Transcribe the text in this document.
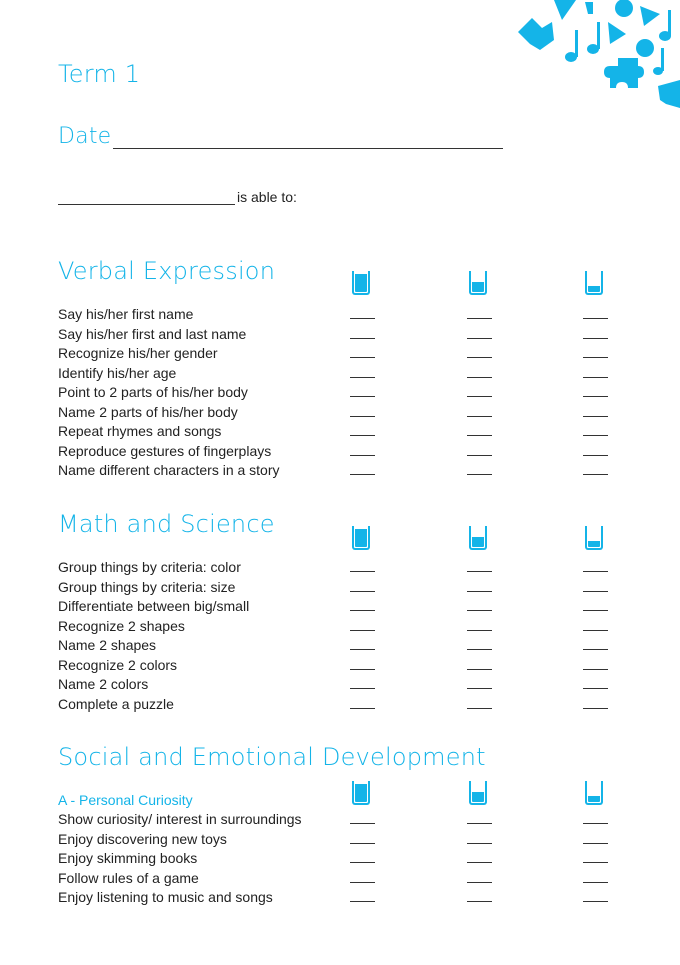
Term 1
Date
is able to:
Verbal Expression
Say his/her first name
Say his/her first and last name
Recognize his/her gender
Identify his/her age
Point to 2 parts of his/her body
Name 2 parts of his/her body
Repeat rhymes and songs
Reproduce gestures of fingerplays
Name different characters in a story
Math and Science
Group things by criteria: color
Group things by criteria: size
Differentiate between big/small
Recognize 2 shapes
Name 2 shapes
Recognize 2 colors
Name 2 colors
Complete a puzzle
Social and Emotional Development
A - Personal Curiosity
Show curiosity/ interest in surroundings
Enjoy discovering new toys
Enjoy skimming books
Follow rules of a game
Enjoy listening to music and songs
